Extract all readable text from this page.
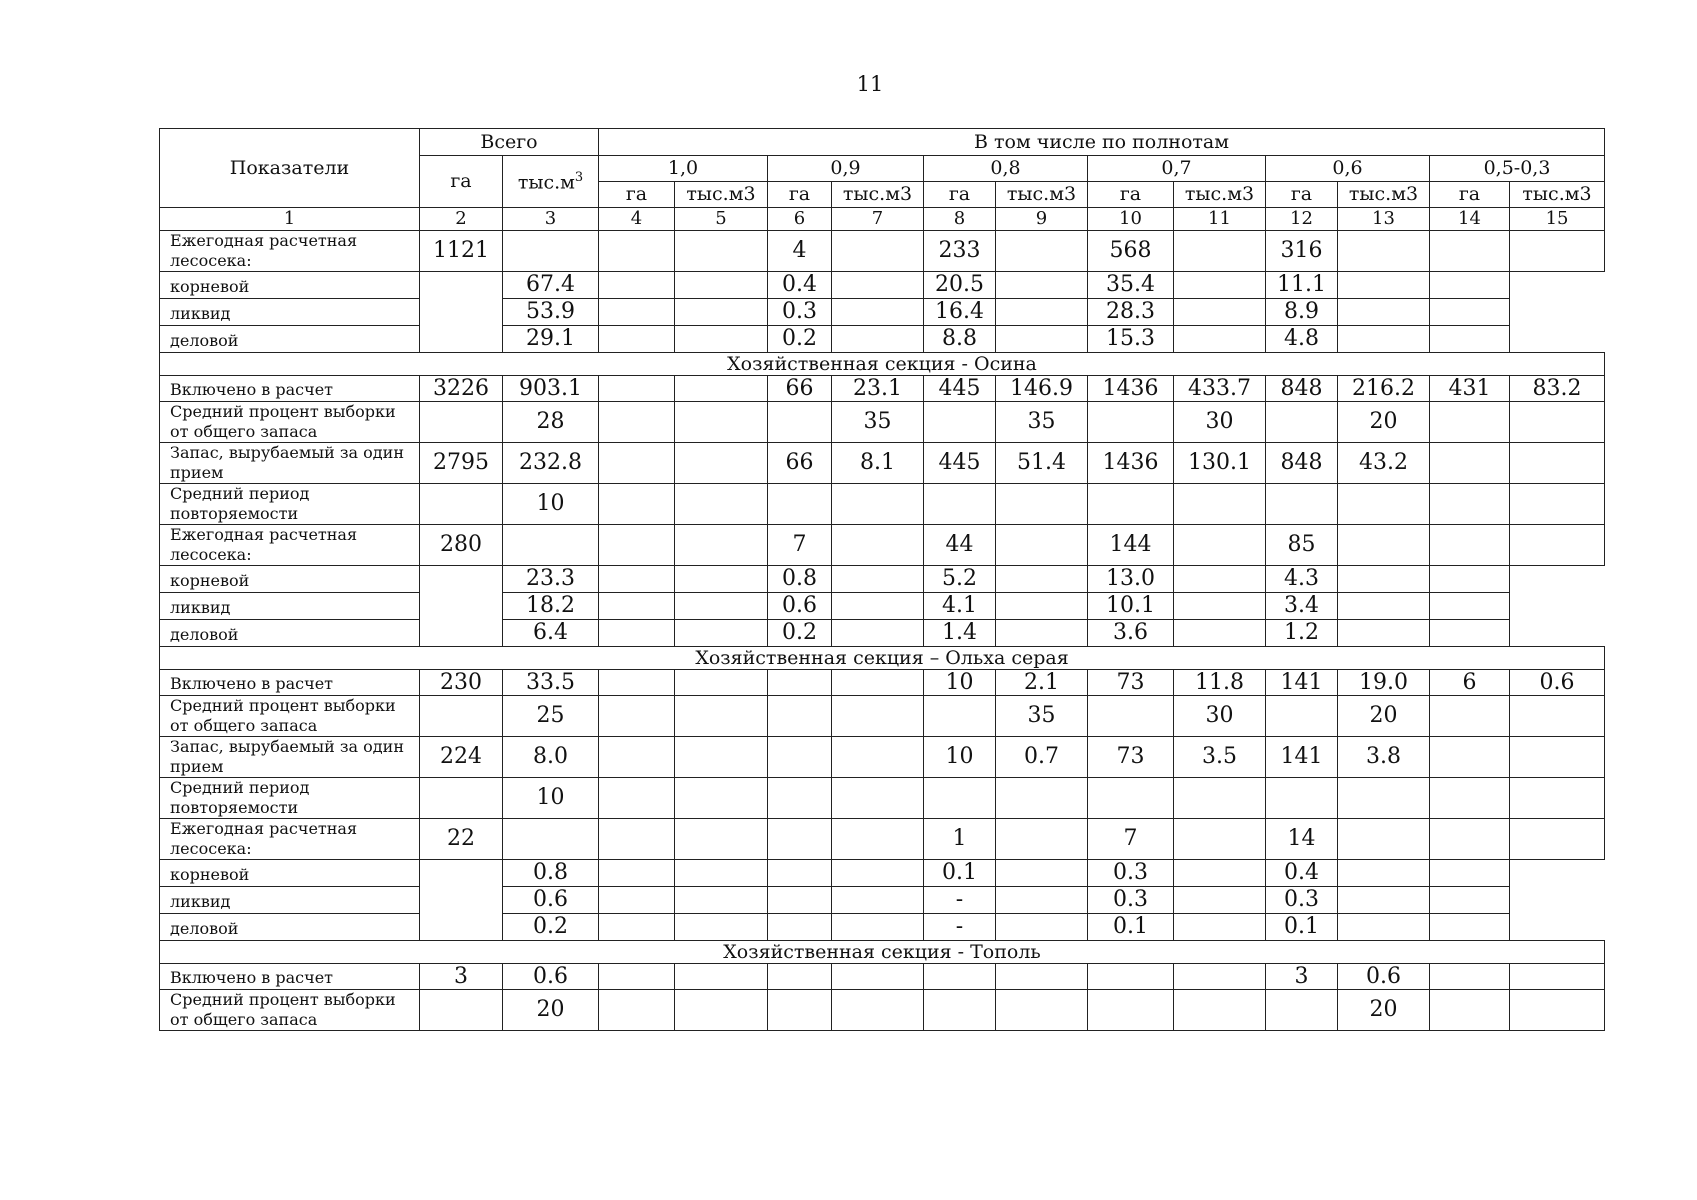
11
Показатели	Всего		В том числе по полнотам											
	га	$тыс.м^3$	1,0		0,9		0,8		0,7		0,6		0,5-0,3	
			га	тыс.м3	га	тыс.м3	га	тыс.м3	га	тыс.м3	га	тыс.м3	га	тыс.м3
1	2	3	4	5	6	7	8	9	10	11	12	13	14	15
Ежегодная расчетная лесосека:	1121				4		233		568		316			
корневой		67.4			0.4		20.5		35.4		11.1			
ликвид		53.9			0.3		16.4		28.3		8.9			
деловой		29.1			0.2		8.8		15.3		4.8			
Хозяйственная секция - Осина														
Включено в расчет	3226	903.1			66	23.1	445	146.9	1436	433.7	848	216.2	431	83.2
Средний процент выборки от общего запаса		28				35		35		30		20		
Запас, вырубаемый за один прием	2795	232.8			66	8.1	445	51.4	1436	130.1	848	43.2		
Средний период повторяемости		10												
Ежегодная расчетная лесосека:	280				7		44		144		85			
корневой		23.3			0.8		5.2		13.0		4.3			
ликвид		18.2			0.6		4.1		10.1		3.4			
деловой		6.4			0.2		1.4		3.6		1.2			
Хозяйственная секция – Ольха серая														
Включено в расчет	230	33.5					10	2.1	73	11.8	141	19.0	6	0.6
Средний процент выборки от общего запаса		25						35		30		20		
Запас, вырубаемый за один прием	224	8.0					10	0.7	73	3.5	141	3.8		
Средний период повторяемости		10												
Ежегодная расчетная лесосека:	22						1		7		14			
корневой		0.8					0.1		0.3		0.4			
ликвид		0.6					-		0.3		0.3			
деловой		0.2					-		0.1		0.1			
Хозяйственная секция - Тополь														
Включено в расчет	3	0.6									3	0.6		
Средний процент выборки от общего запаса		20										20		
